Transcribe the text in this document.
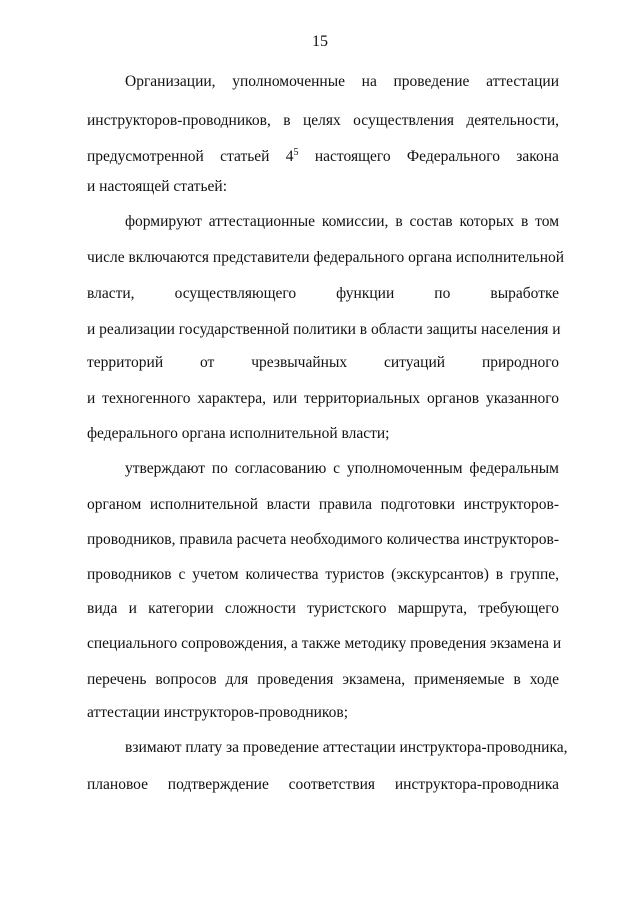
15
Организации, уполномоченные на проведение аттестации
инструкторов-проводников, в целях осуществления деятельности,
предусмотренной статьей $4^5$ настоящего Федерального закона
и настоящей статьей:
формируют аттестационные комиссии, в состав которых в том
числе включаются представители федерального органа исполнительной
власти, осуществляющего функции по выработке
и реализации государственной политики в области защиты населения и
территорий от чрезвычайных ситуаций природного
и техногенного характера, или территориальных органов указанного
федерального органа исполнительной власти;
утверждают по согласованию с уполномоченным федеральным
органом исполнительной власти правила подготовки инструкторов-
проводников, правила расчета необходимого количества инструкторов-
проводников с учетом количества туристов (экскурсантов) в группе,
вида и категории сложности туристского маршрута, требующего
специального сопровождения, а также методику проведения экзамена и
перечень вопросов для проведения экзамена, применяемые в ходе
аттестации инструкторов-проводников;
взимают плату за проведение аттестации инструктора-проводника,
плановое подтверждение соответствия инструктора-проводника
